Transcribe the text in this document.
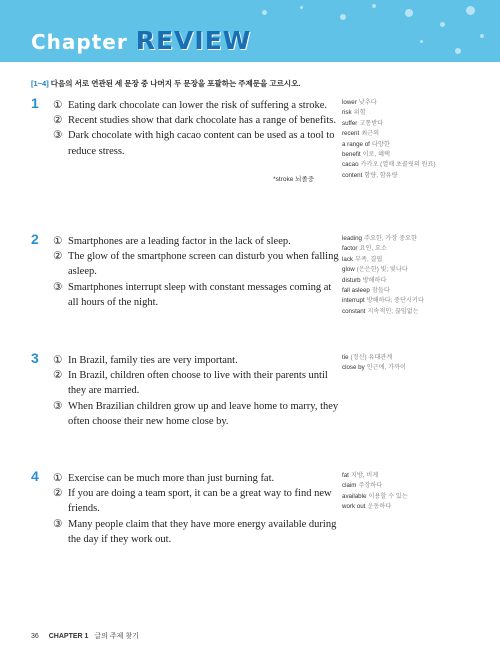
Chapter REVIEW
[1~4] 다음의 서로 연관된 세 문장 중 나머지 두 문장을 포괄하는 주제문을 고르시오.
1 ① Eating dark chocolate can lower the risk of suffering a stroke.
② Recent studies show that dark chocolate has a range of benefits.
③ Dark chocolate with high cacao content can be used as a tool to reduce stress.
lower 낮추다
risk 위험
suffer 고통받다
recent 최근의
a range of 다양한
benefit 이로, 혜택
cacao 카카오 (열매 초콜릿의 원료)
content 함량, 함유량
*stroke 뇌졸중
2 ① Smartphones are a leading factor in the lack of sleep.
② The glow of the smartphone screen can disturb you when falling asleep.
③ Smartphones interrupt sleep with constant messages coming at all hours of the night.
leading 주요한, 가장 중요한
factor 요인, 요소
lack 부족, 결핍
glow (은은한) 빛; 빛나다
disturb 방해하다
fall asleep 잠들다
interrupt 방해하다; 중단시키다
constant 지속적인; 끊임없는
3 ① In Brazil, family ties are very important.
② In Brazil, children often choose to live with their parents until they are married.
③ When Brazilian children grow up and leave home to marry, they often choose their new home close by.
tie (정신) 유대관계
close by 인근에, 가까이
4 ① Exercise can be much more than just burning fat.
② If you are doing a team sport, it can be a great way to find new friends.
③ Many people claim that they have more energy available during the day if they work out.
fat 지방, 비계
claim 주장하다
available 이용할 수 있는
work out 운동하다
36 CHAPTER 1 글의 주제 찾기
